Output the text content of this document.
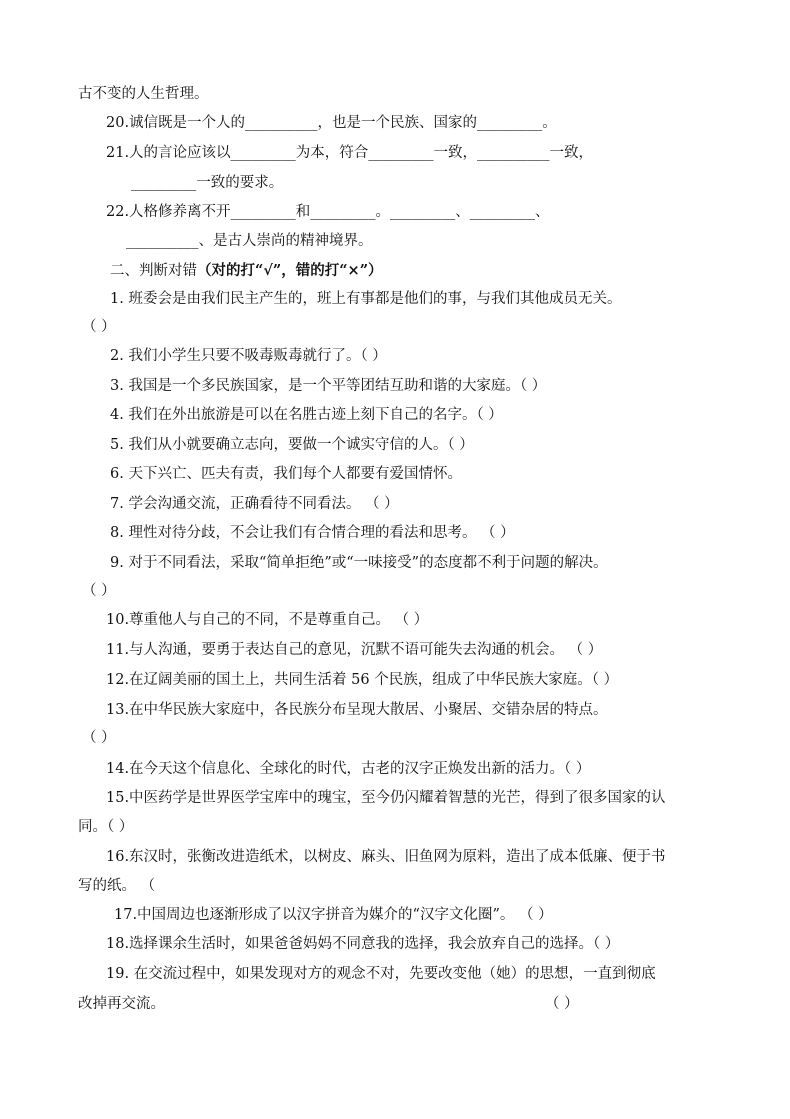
古不变的人生哲理。
20.诚信既是一个人的__________，也是一个民族、国家的_________。
21.人的言论应该以_________为本，符合_________一致，__________一致，
_________一致的要求。
22.人格修养离不开_________和_________。_________、_________、
__________、是古人崇尚的精神境界。
二、判断对错（对的打“√”，错的打“×”）
1. 班委会是由我们民主产生的，班上有事都是他们的事，与我们其他成员无关。
（ ）
2. 我们小学生只要不吸毒贩毒就行了。（ ）
3. 我国是一个多民族国家，是一个平等团结互助和谐的大家庭。（ ）
4. 我们在外出旅游是可以在名胜古迹上刻下自己的名字。（ ）
5. 我们从小就要确立志向，要做一个诚实守信的人。（ ）
6. 天下兴亡、匹夫有责，我们每个人都要有爱国情怀。
7. 学会沟通交流，正确看待不同看法。 （ ）
8. 理性对待分歧，不会让我们有合情合理的看法和思考。 （ ）
9. 对于不同看法，采取“简单拒绝”或“一味接受”的态度都不利于问题的解决。
（ ）
10.尊重他人与自己的不同，不是尊重自己。 （ ）
11.与人沟通，要勇于表达自己的意见，沉默不语可能失去沟通的机会。 （ ）
12.在辽阔美丽的国土上，共同生活着 56 个民族，组成了中华民族大家庭。（ ）
13.在中华民族大家庭中，各民族分布呈现大散居、小聚居、交错杂居的特点。
（ ）
14.在今天这个信息化、全球化的时代，古老的汉字正焕发出新的活力。（ ）
15.中医药学是世界医学宝库中的瑰宝，至今仍闪耀着智慧的光芒，得到了很多国家的认
同。（ ）
16.东汉时，张衡改进造纸术，以树皮、麻头、旧鱼网为原料，造出了成本低廉、便于书
写的纸。 （
17.中国周边也逐渐形成了以汉字拼音为媒介的“汉字文化圈”。 （ ）
18.选择课余生活时，如果爸爸妈妈不同意我的选择，我会放弃自己的选择。（ ）
19. 在交流过程中，如果发现对方的观念不对，先要改变他（她）的思想，一直到彻底
改掉再交流。	（ ）
